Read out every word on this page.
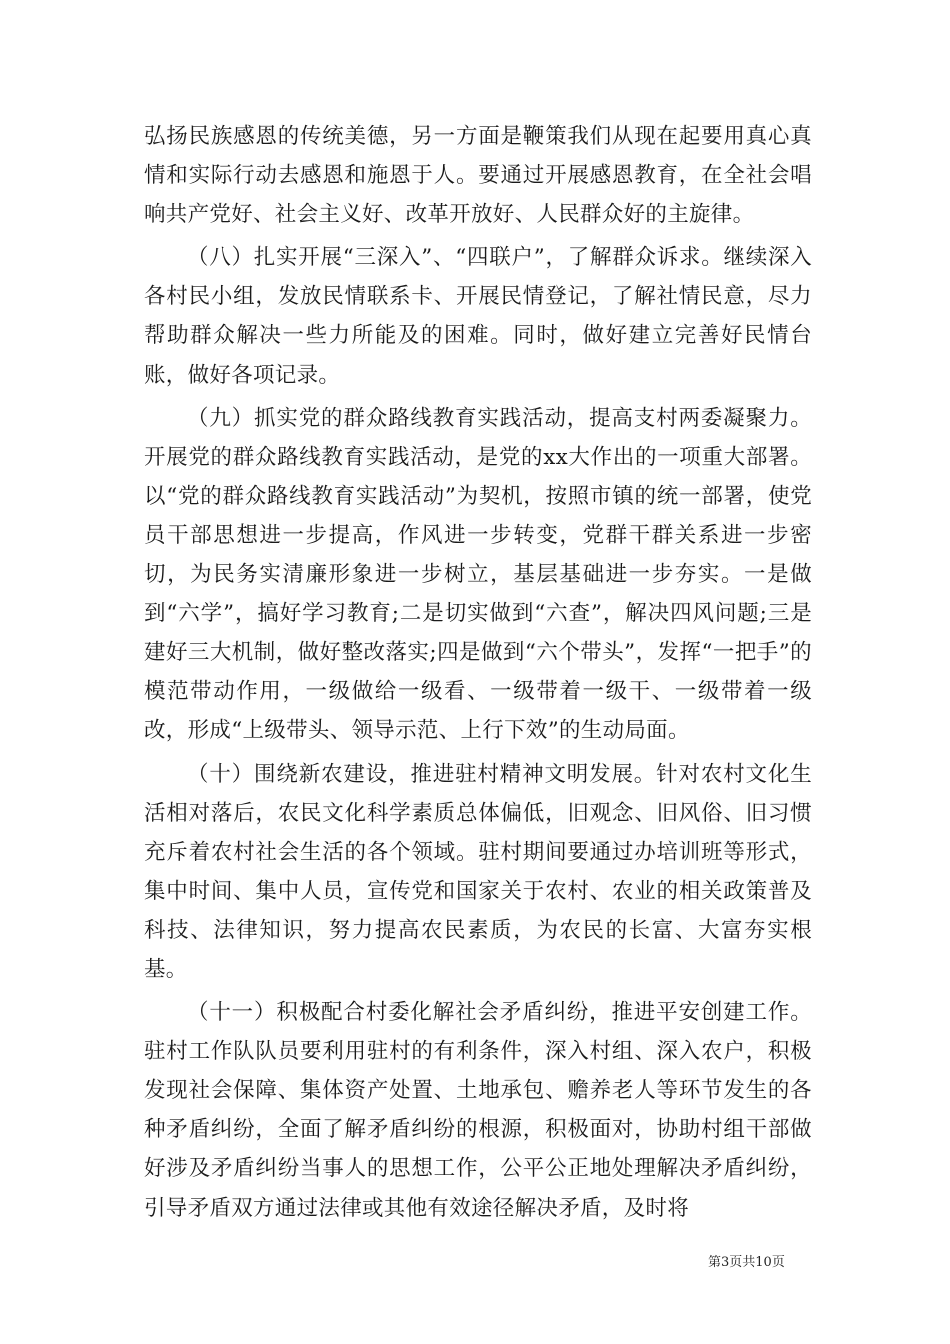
弘扬民族感恩的传统美德，另一方面是鞭策我们从现在起要用真心真情和实际行动去感恩和施恩于人。要通过开展感恩教育，在全社会唱响共产党好、社会主义好、改革开放好、人民群众好的主旋律。

（八）扎实开展“三深入”、“四联户”，了解群众诉求。继续深入各村民小组，发放民情联系卡、开展民情登记，了解社情民意，尽力帮助群众解决一些力所能及的困难。同时，做好建立完善好民情台账，做好各项记录。

（九）抓实党的群众路线教育实践活动，提高支村两委凝聚力。开展党的群众路线教育实践活动，是党的xx大作出的一项重大部署。以“党的群众路线教育实践活动”为契机，按照市镇的统一部署，使党员干部思想进一步提高，作风进一步转变，党群干群关系进一步密切，为民务实清廉形象进一步树立，基层基础进一步夯实。一是做到“六学”，搞好学习教育;二是切实做到“六查”，解决四风问题;三是建好三大机制，做好整改落实;四是做到“六个带头”，发挥“一把手”的模范带动作用，一级做给一级看、一级带着一级干、一级带着一级改，形成“上级带头、领导示范、上行下效”的生动局面。

（十）围绕新农建设，推进驻村精神文明发展。针对农村文化生活相对落后，农民文化科学素质总体偏低，旧观念、旧风俗、旧习惯充斥着农村社会生活的各个领域。驻村期间要通过办培训班等形式，集中时间、集中人员，宣传党和国家关于农村、农业的相关政策普及科技、法律知识，努力提高农民素质，为农民的长富、大富夯实根基。

（十一）积极配合村委化解社会矛盾纠纷，推进平安创建工作。驻村工作队队员要利用驻村的有利条件，深入村组、深入农户，积极发现社会保障、集体资产处置、土地承包、赡养老人等环节发生的各种矛盾纠纷，全面了解矛盾纠纷的根源，积极面对，协助村组干部做好涉及矛盾纠纷当事人的思想工作，公平公正地处理解决矛盾纠纷，引导矛盾双方通过法律或其他有效途径解决矛盾，及时将

第3页共10页
